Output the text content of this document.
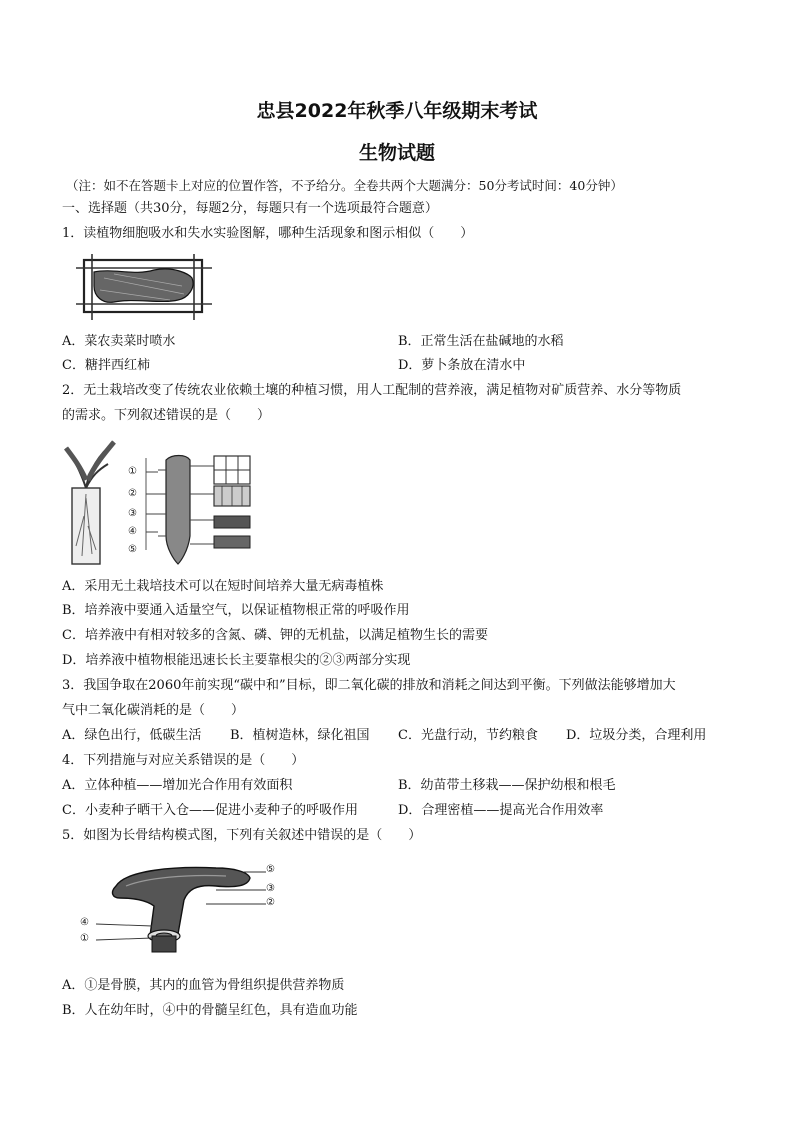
忠县2022年秋季八年级期末考试
生物试题
（注：如不在答题卡上对应的位置作答，不予给分。全卷共两个大题满分：50分考试时间：40分钟）
一、选择题（共30分，每题2分，每题只有一个选项最符合题意）
1．读植物细胞吸水和失水实验图解，哪种生活现象和图示相似（　　）
A．菜农卖菜时喷水	B．正常生活在盐碱地的水稻
C．糖拌西红柿	D．萝卜条放在清水中
2．无土栽培改变了传统农业依赖土壤的种植习惯，用人工配制的营养液，满足植物对矿质营养、水分等物质
的需求。下列叙述错误的是（　　）
①
②
③
④
⑤
A．采用无土栽培技术可以在短时间培养大量无病毒植株
B．培养液中要通入适量空气，以保证植物根正常的呼吸作用
C．培养液中有相对较多的含氮、磷、钾的无机盐，以满足植物生长的需要
D．培养液中植物根能迅速长长主要靠根尖的②③两部分实现
3．我国争取在2060年前实现“碳中和”目标，即二氧化碳的排放和消耗之间达到平衡。下列做法能够增加大
气中二氧化碳消耗的是（　　）
A．绿色出行，低碳生活 B．植树造林，绿化祖国 C．光盘行动，节约粮食 D．垃圾分类，合理利用
4．下列措施与对应关系错误的是（　　）
A．立体种植——增加光合作用有效面积	B．幼苗带土移栽——保护幼根和根毛
C．小麦种子晒干入仓——促进小麦种子的呼吸作用	D．合理密植——提高光合作用效率
5．如图为长骨结构模式图，下列有关叙述中错误的是（　　）
⑤
③
②
④
①
A．①是骨膜，其内的血管为骨组织提供营养物质
B．人在幼年时，④中的骨髓呈红色，具有造血功能
